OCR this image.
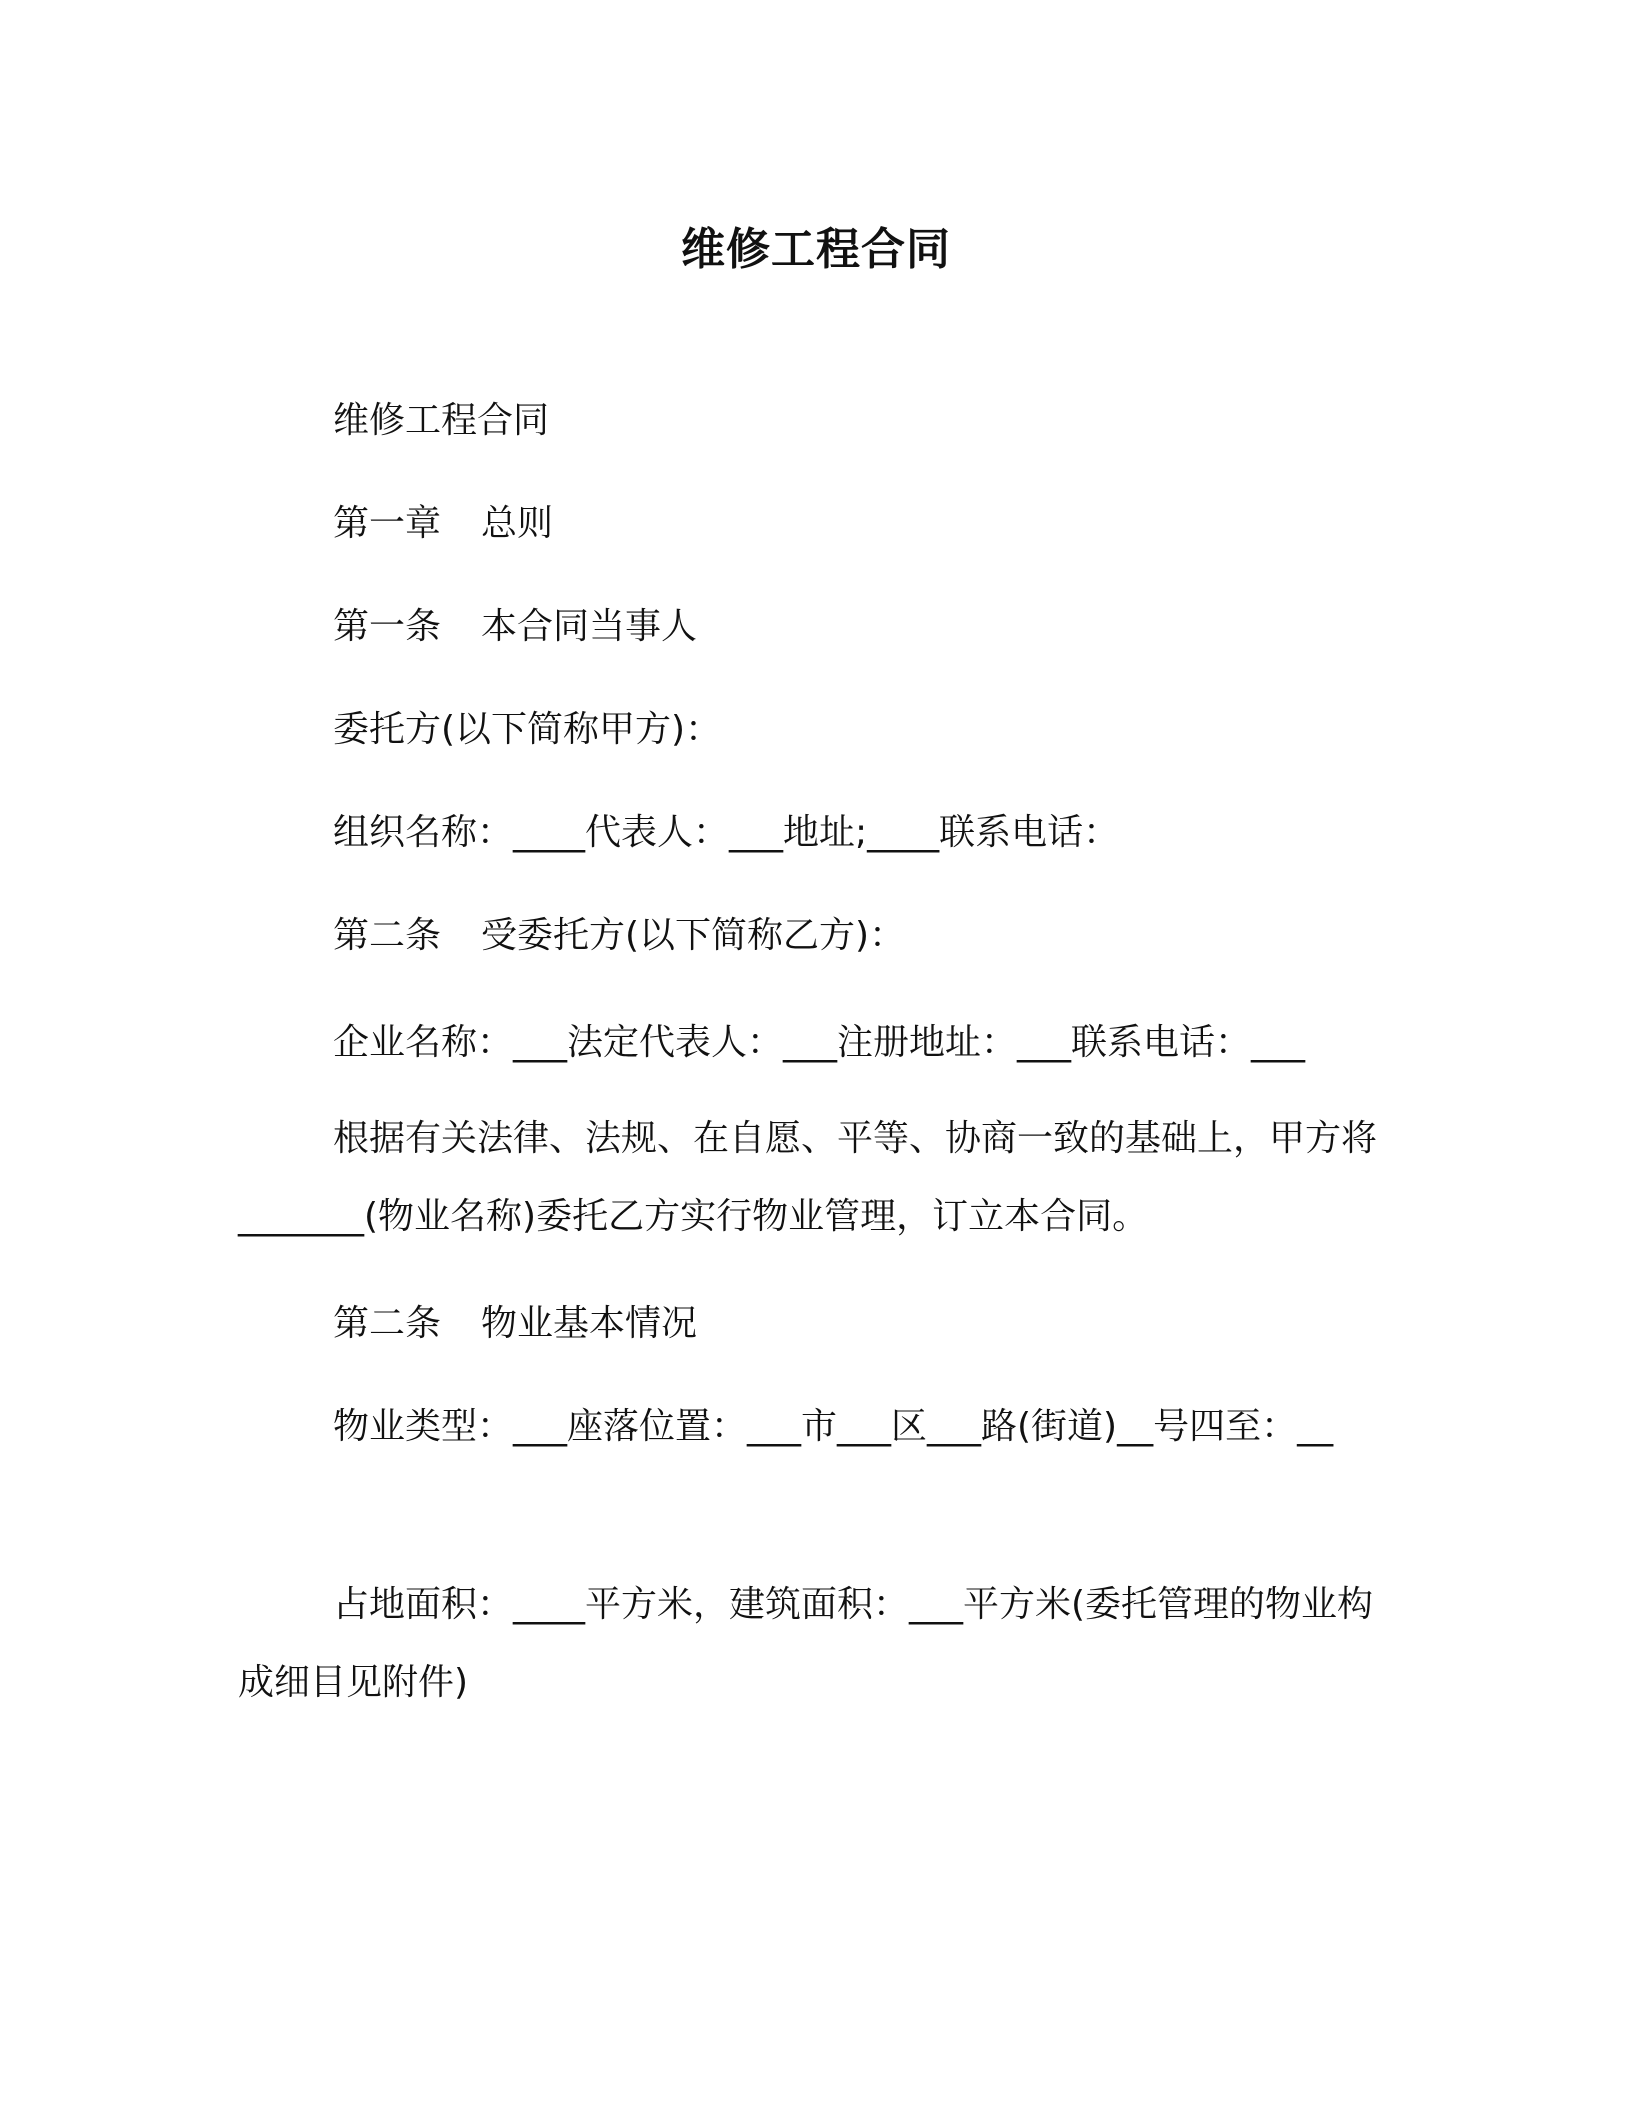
维修工程合同

维修工程合同

第一章 总则

第一条 本合同当事人

委托方(以下简称甲方)：

组织名称：____代表人：___地址;____联系电话：

第二条 受委托方(以下简称乙方)：

企业名称：___法定代表人：___注册地址：___联系电话：___

根据有关法律、法规、在自愿、平等、协商一致的基础上，甲方将_______(物业名称)委托乙方实行物业管理，订立本合同。

第二条 物业基本情况

物业类型：___座落位置：___市___区___路(街道)__号四至：__

占地面积：____平方米，建筑面积：___平方米(委托管理的物业构成细目见附件)
